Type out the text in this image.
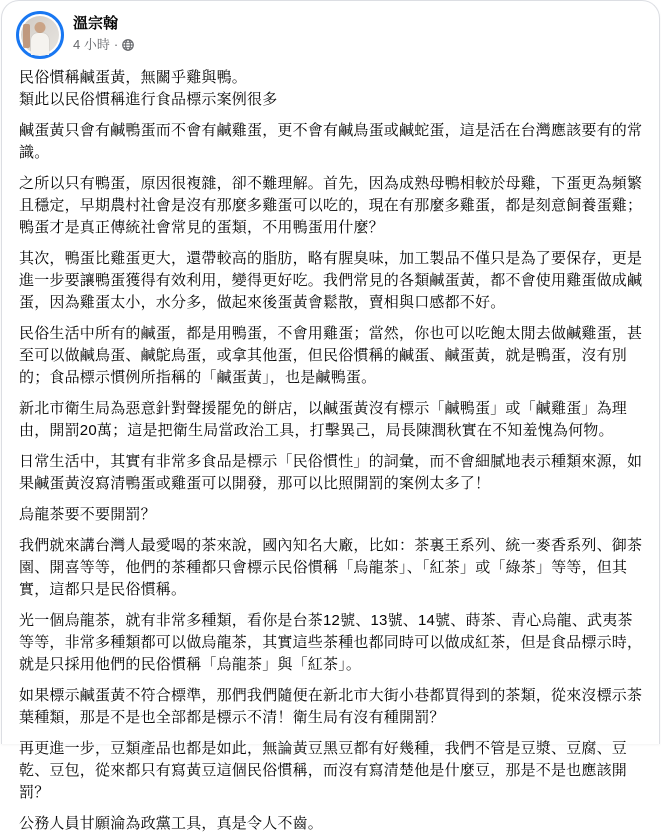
溫宗翰
4 小時 ·

民俗慣稱鹹蛋黃，無關乎雞與鴨。
類此以民俗慣稱進行食品標示案例很多

鹹蛋黃只會有鹹鴨蛋而不會有鹹雞蛋，更不會有鹹鳥蛋或鹹蛇蛋，這是活在台灣應該要有的常識。

之所以只有鴨蛋，原因很複雜，卻不難理解。首先，因為成熟母鴨相較於母雞，下蛋更為頻繁且穩定，早期農村社會是沒有那麼多雞蛋可以吃的，現在有那麼多雞蛋，都是刻意飼養蛋雞；鴨蛋才是真正傳統社會常見的蛋類，不用鴨蛋用什麼？

其次，鴨蛋比雞蛋更大，還帶較高的脂肪，略有腥臭味，加工製品不僅只是為了要保存，更是進一步要讓鴨蛋獲得有效利用，變得更好吃。我們常見的各類鹹蛋黃，都不會使用雞蛋做成鹹蛋，因為雞蛋太小，水分多，做起來後蛋黃會鬆散，賣相與口感都不好。

民俗生活中所有的鹹蛋，都是用鴨蛋，不會用雞蛋；當然，你也可以吃飽太閒去做鹹雞蛋，甚至可以做鹹鳥蛋、鹹鴕鳥蛋，或拿其他蛋，但民俗慣稱的鹹蛋、鹹蛋黃，就是鴨蛋，沒有別的；食品標示慣例所指稱的「鹹蛋黃」，也是鹹鴨蛋。

新北市衛生局為惡意針對聲援罷免的餅店，以鹹蛋黃沒有標示「鹹鴨蛋」或「鹹雞蛋」為理由，開罰20萬；這是把衛生局當政治工具，打擊異己，局長陳潤秋實在不知羞愧為何物。

日常生活中，其實有非常多食品是標示「民俗慣性」的詞彙，而不會細膩地表示種類來源，如果鹹蛋黃沒寫清鴨蛋或雞蛋可以開發，那可以比照開罰的案例太多了！

烏龍茶要不要開罰？

我們就來講台灣人最愛喝的茶來說，國內知名大廠，比如：茶裏王系列、統一麥香系列、御茶園、開喜等等，他們的茶種都只會標示民俗慣稱「烏龍茶」、「紅茶」或「綠茶」等等，但其實，這都只是民俗慣稱。

光一個烏龍茶，就有非常多種類，看你是台茶12號、13號、14號、蒔茶、青心烏龍、武夷茶等等，非常多種類都可以做烏龍茶，其實這些茶種也都同時可以做成紅茶，但是食品標示時，就是只採用他們的民俗慣稱「烏龍茶」與「紅茶」。

如果標示鹹蛋黃不符合標準，那們我們隨便在新北市大街小巷都買得到的茶類，從來沒標示茶葉種類，那是不是也全部都是標示不清！衛生局有沒有種開罰？

再更進一步，豆類產品也都是如此，無論黃豆黑豆都有好幾種，我們不管是豆漿、豆腐、豆乾、豆包，從來都只有寫黃豆這個民俗慣稱，而沒有寫清楚他是什麼豆，那是不是也應該開罰？

公務人員甘願淪為政黨工具，真是令人不齒。
